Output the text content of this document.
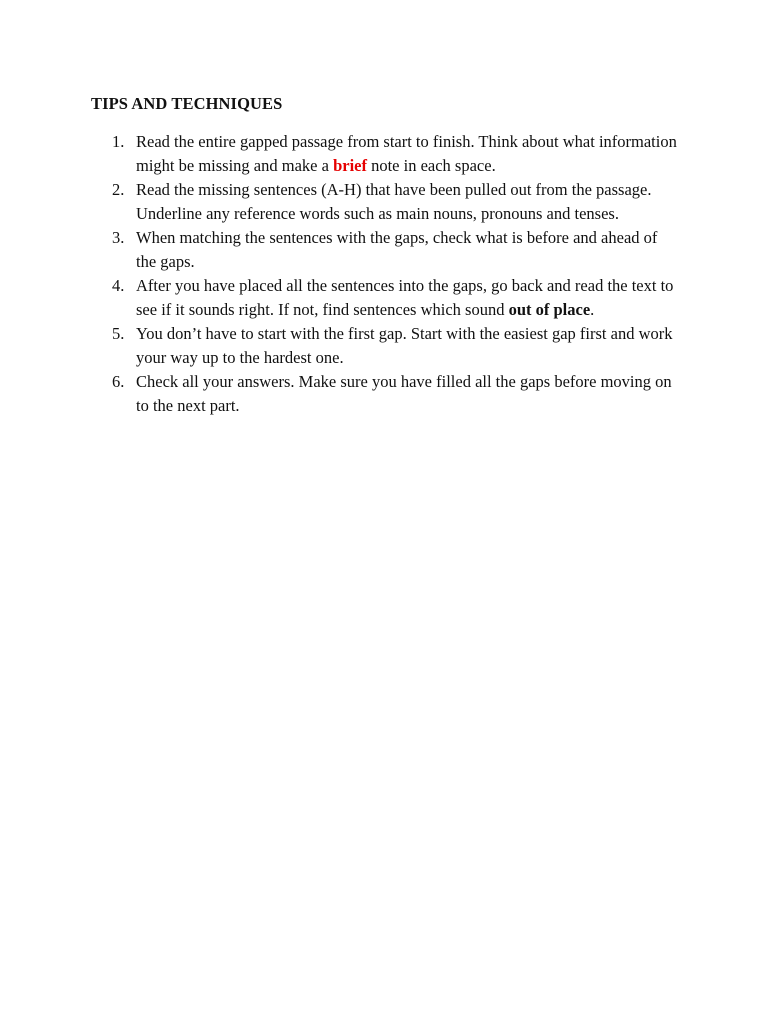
TIPS AND TECHNIQUES
1. Read the entire gapped passage from start to finish. Think about what information might be missing and make a brief note in each space.
2. Read the missing sentences (A-H) that have been pulled out from the passage. Underline any reference words such as main nouns, pronouns and tenses.
3. When matching the sentences with the gaps, check what is before and ahead of the gaps.
4. After you have placed all the sentences into the gaps, go back and read the text to see if it sounds right. If not, find sentences which sound out of place.
5. You don’t have to start with the first gap. Start with the easiest gap first and work your way up to the hardest one.
6. Check all your answers. Make sure you have filled all the gaps before moving on to the next part.
